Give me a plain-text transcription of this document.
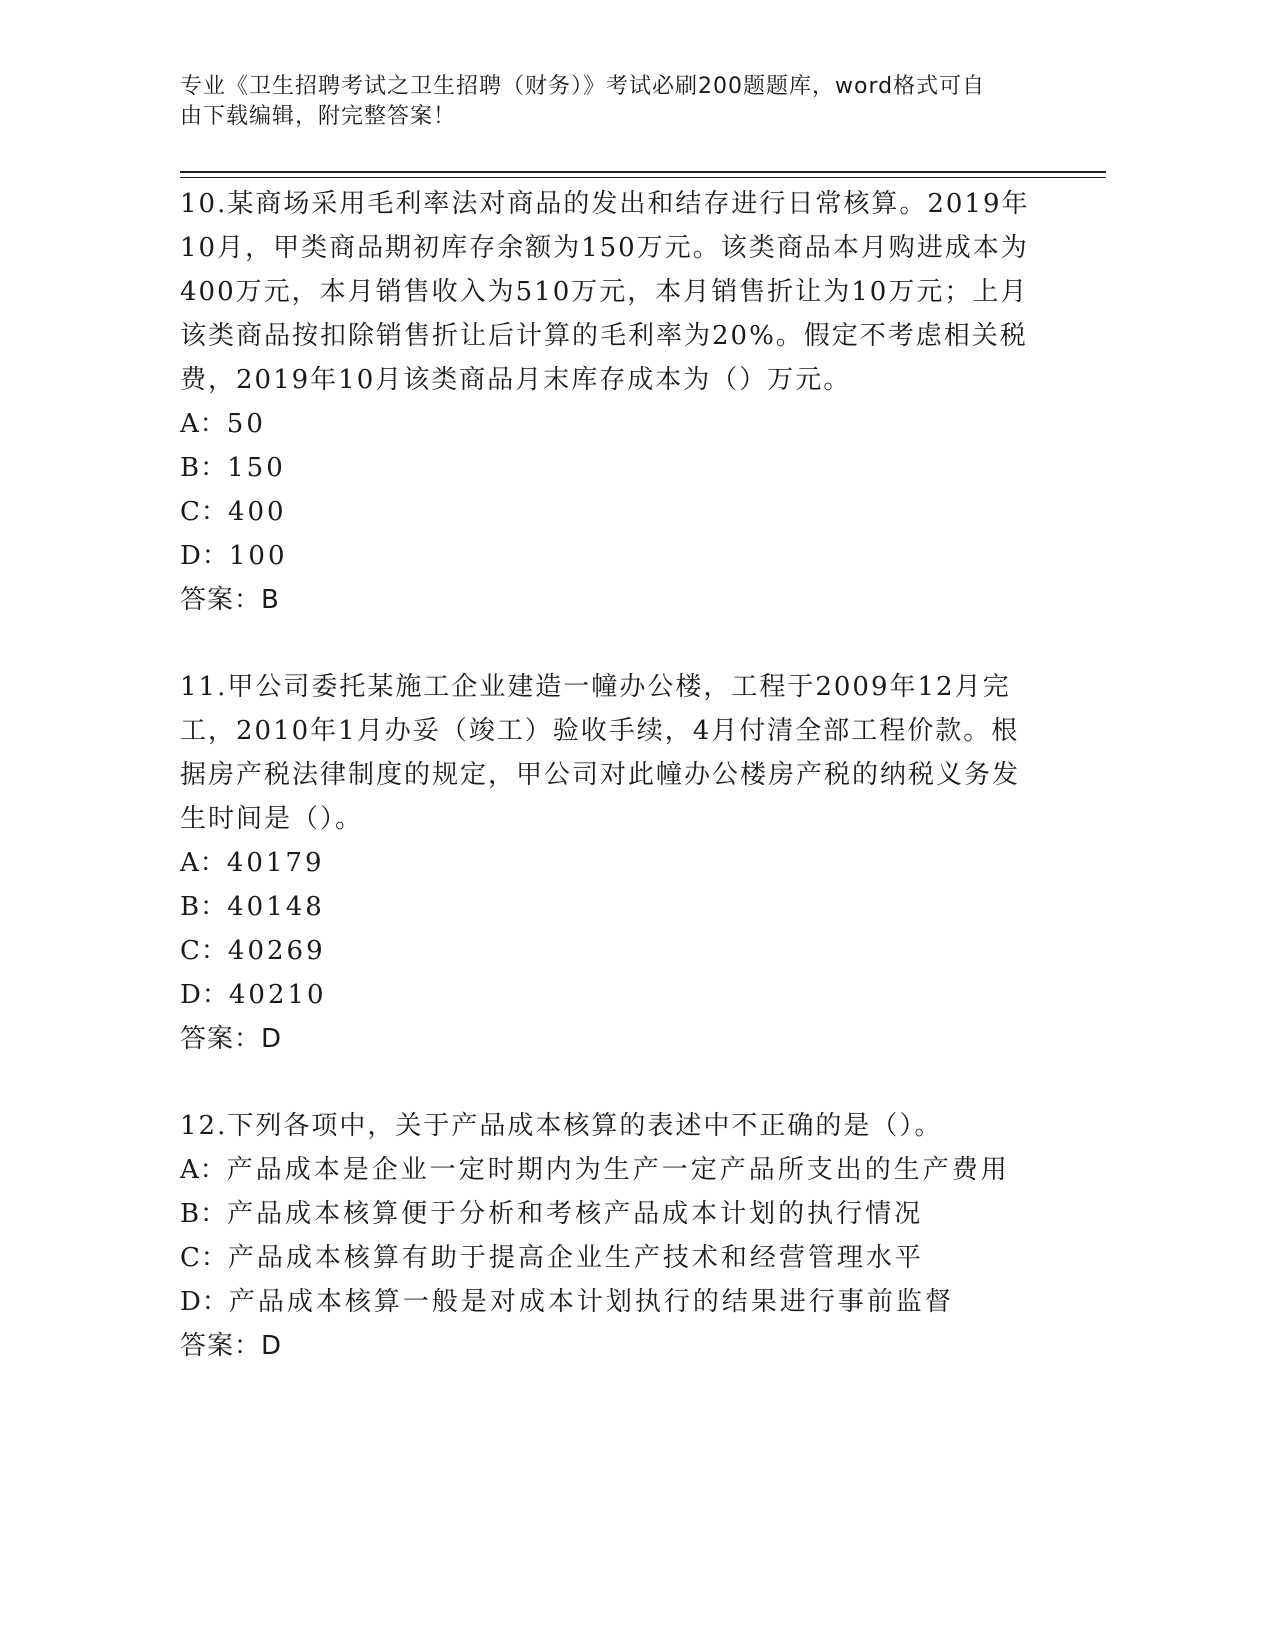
专业《卫生招聘考试之卫生招聘（财务）》考试必刷200题题库，word格式可自
由下载编辑，附完整答案！

10.某商场采用毛利率法对商品的发出和结存进行日常核算。2019年10月，甲类商品期初库存余额为150万元。该类商品本月购进成本为400万元，本月销售收入为510万元，本月销售折让为10万元；上月该类商品按扣除销售折让后计算的毛利率为20%。假定不考虑相关税费，2019年10月该类商品月末库存成本为（）万元。

A：50

B：150

C：400

D：100

答案：B

11.甲公司委托某施工企业建造一幢办公楼，工程于2009年12月完工，2010年1月办妥（竣工）验收手续，4月付清全部工程价款。根据房产税法律制度的规定，甲公司对此幢办公楼房产税的纳税义务发生时间是（）。

A：40179

B：40148

C：40269

D：40210

答案：D

12.下列各项中，关于产品成本核算的表述中不正确的是（）。

A：产品成本是企业一定时期内为生产一定产品所支出的生产费用

B：产品成本核算便于分析和考核产品成本计划的执行情况

C：产品成本核算有助于提高企业生产技术和经营管理水平

D：产品成本核算一般是对成本计划执行的结果进行事前监督

答案：D
